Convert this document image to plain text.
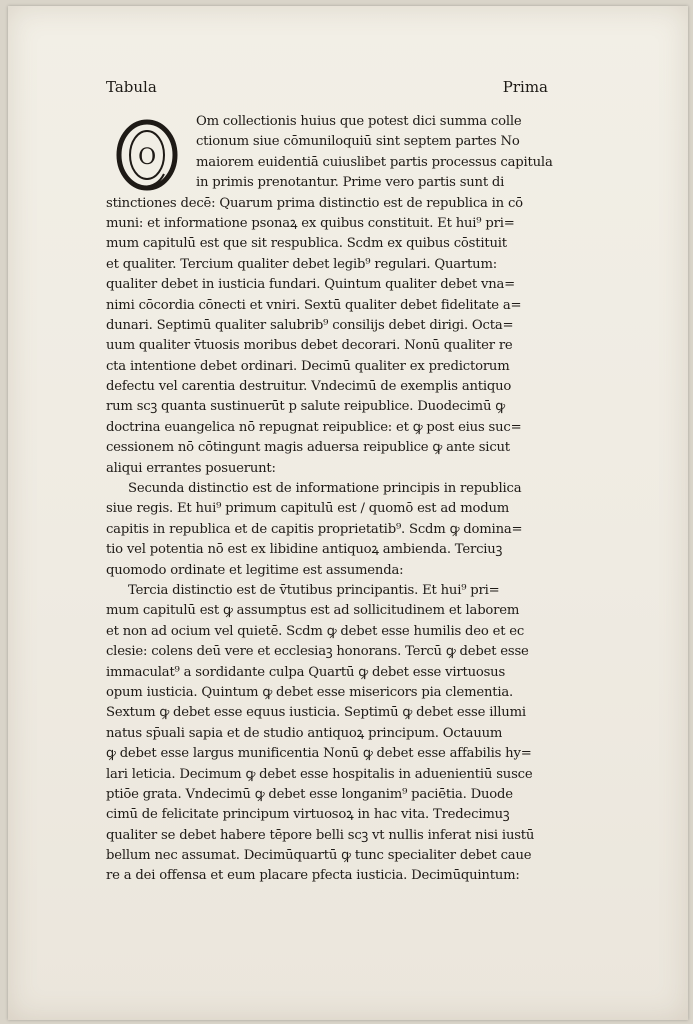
Tabula	Prima
O
Om collectionis huius que potest dici summa colle
ctionum siue cōmuniloquiū sint septem partes No
maiorem euidentiā cuiuslibet partis processus capitula
in primis prenotantur. Prime vero partis sunt di
stinctiones decē: Quarum prima distinctio est de republica in cō
muni: et informatione psonaꝝ ex quibus constituit. Et hui⁹ pri=
mum capitulū est que sit respublica. Scdm ex quibus cōstituit
et qualiter. Tercium qualiter debet legib⁹ regulari. Quartum:
qualiter debet in iusticia fundari. Quintum qualiter debet vna=
nimi cōcordia cōnecti et vniri. Sextū qualiter debet fidelitate a=
dunari. Septimū qualiter salubrib⁹ consilijs debet dirigi. Octa=
uum qualiter v̄tuosis moribus debet decorari. Nonū qualiter re
cta intentione debet ordinari. Decimū qualiter ex predictorum
defectu vel carentia destruitur. Vndecimū de exemplis antiquo
rum scꝫ quanta sustinuerūt p salute reipublice. Duodecimū ꝙ
doctrina euangelica nō repugnat reipublice: et ꝙ post eius suc=
cessionem nō cōtingunt magis aduersa reipublice ꝙ ante sicut
aliqui errantes posuerunt:
Secunda distinctio est de informatione principis in republica
siue regis. Et hui⁹ primum capitulū est / quomō est ad modum
capitis in republica et de capitis proprietatib⁹. Scdm ꝙ domina=
tio vel potentia nō est ex libidine antiquoꝝ ambienda. Terciuꝫ
quomodo ordinate et legitime est assumenda:
Tercia distinctio est de v̄tutibus principantis. Et hui⁹ pri=
mum capitulū est ꝙ assumptus est ad sollicitudinem et laborem
et non ad ocium vel quietē. Scdm ꝙ debet esse humilis deo et ec
clesie: colens deū vere et ecclesiaꝫ honorans. Tercū ꝙ debet esse
immaculat⁹ a sordidante culpa Quartū ꝙ debet esse virtuosus
opum iusticia. Quintum ꝙ debet esse misericors pia clementia.
Sextum ꝙ debet esse equus iusticia. Septimū ꝙ debet esse illumi
natus sp̄uali sapia et de studio antiquoꝝ principum. Octauum
ꝙ debet esse largus munificentia Nonū ꝙ debet esse affabilis hy=
lari leticia. Decimum ꝙ debet esse hospitalis in aduenientiū susce
ptiōe grata. Vndecimū ꝙ debet esse longanim⁹ paciētia. Duode
cimū de felicitate principum virtuosoꝝ in hac vita. Tredecimuꝫ
qualiter se debet habere tēpore belli scꝫ vt nullis inferat nisi iustū
bellum nec assumat. Decimūquartū ꝙ tunc specialiter debet caue
re a dei offensa et eum placare pfecta iusticia. Decimūquintum:
